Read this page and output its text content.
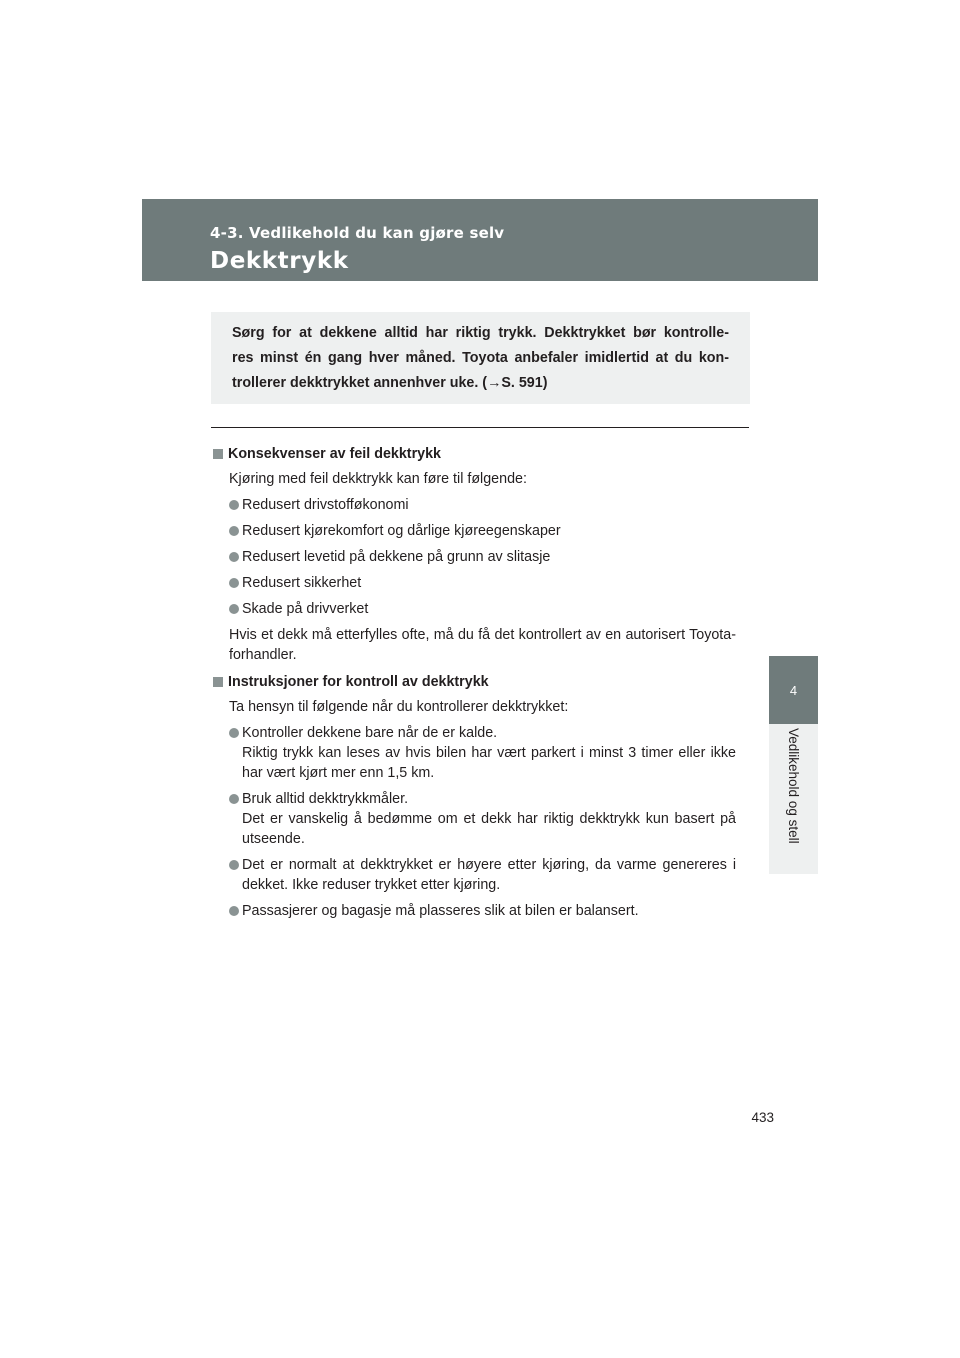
4-3. Vedlikehold du kan gjøre selv
Dekktrykk
4
Vedlikehold og stell

Sørg for at dekkene alltid har riktig trykk. Dekktrykket bør kontrolle-
res minst én gang hver måned. Toyota anbefaler imidlertid at du kon-
trollerer dekktrykket annenhver uke. (→S. 591)

Konsekvenser av feil dekktrykk
Kjøring med feil dekktrykk kan føre til følgende:
Redusert drivstofføkonomi
Redusert kjørekomfort og dårlige kjøreegenskaper
Redusert levetid på dekkene på grunn av slitasje
Redusert sikkerhet
Skade på drivverket
Hvis et dekk må etterfylles ofte, må du få det kontrollert av en autorisert Toyota-forhandler.
Instruksjoner for kontroll av dekktrykk
Ta hensyn til følgende når du kontrollerer dekktrykket:
Kontroller dekkene bare når de er kalde.
Riktig trykk kan leses av hvis bilen har vært parkert i minst 3 timer eller ikke har vært kjørt mer enn 1,5 km.
Bruk alltid dekktrykkmåler.
Det er vanskelig å bedømme om et dekk har riktig dekktrykk kun basert på utseende.
Det er normalt at dekktrykket er høyere etter kjøring, da varme genereres i dekket. Ikke reduser trykket etter kjøring.
Passasjerer og bagasje må plasseres slik at bilen er balansert.
433
